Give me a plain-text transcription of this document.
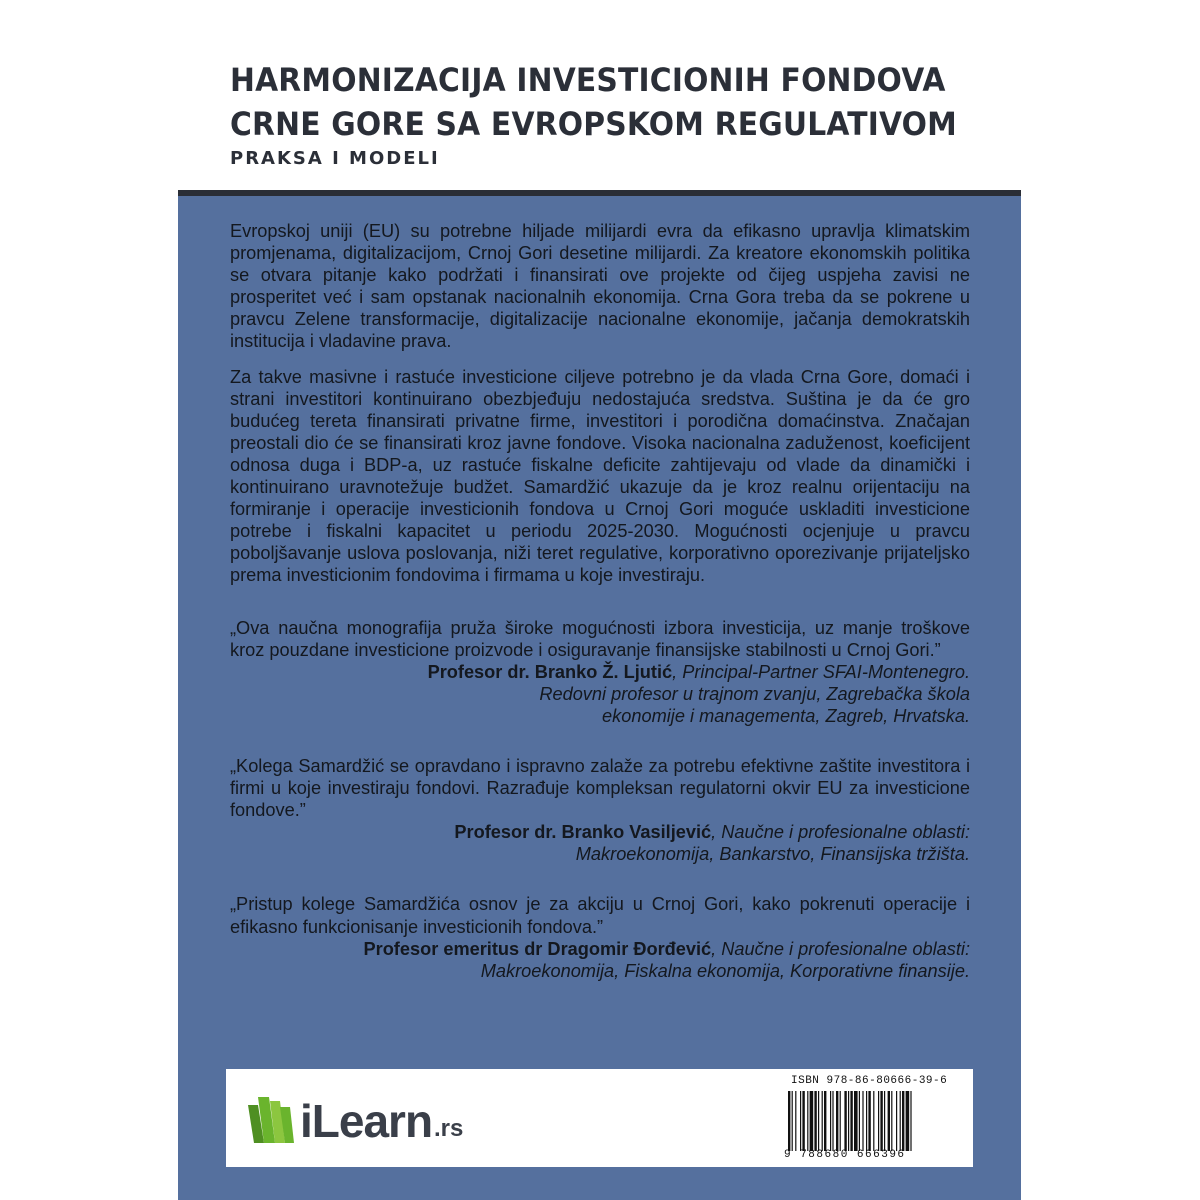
HARMONIZACIJA INVESTICIONIH FONDOVA
CRNE GORE SA EVROPSKOM REGULATIVOM
PRAKSA I MODELI

Evropskoj uniji (EU) su potrebne hiljade milijardi evra da efikasno upravlja klimatskim promjenama, digitalizacijom, Crnoj Gori desetine milijardi. Za kreatore ekonomskih politika se otvara pitanje kako podržati i finansirati ove projekte od čijeg uspjeha zavisi ne prosperitet već i sam opstanak nacionalnih ekonomija. Crna Gora treba da se pokrene u pravcu Zelene transformacije, digitalizacije nacionalne ekonomije, jačanja demokratskih institucija i vladavine prava.

Za takve masivne i rastuće investicione ciljeve potrebno je da vlada Crna Gore, domaći i strani investitori kontinuirano obezbjeđuju nedostajuća sredstva. Suština je da će gro budućeg tereta finansirati privatne firme, investitori i porodična domaćinstva. Značajan preostali dio će se finansirati kroz javne fondove. Visoka nacionalna zaduženost, koeficijent odnosa duga i BDP-a, uz rastuće fiskalne deficite zahtijevaju od vlade da dinamički i kontinuirano uravnotežuje budžet. Samardžić ukazuje da je kroz realnu orijentaciju na formiranje i operacije investicionih fondova u Crnoj Gori moguće uskladiti investicione potrebe i fiskalni kapacitet u periodu 2025-2030. Mogućnosti ocjenjuje u pravcu poboljšavanje uslova poslovanja, niži teret regulative, korporativno oporezivanje prijateljsko prema investicionim fondovima i firmama u koje investiraju.

„Ova naučna monografija pruža široke mogućnosti izbora investicija, uz manje troškove kroz pouzdane investicione proizvode i osiguravanje finansijske stabilnosti u Crnoj Gori.”

Profesor dr. Branko Ž. Ljutić, Principal-Partner SFAI-Montenegro.
Redovni profesor u trajnom zvanju, Zagrebačka škola
ekonomije i managementa, Zagreb, Hrvatska.

„Kolega Samardžić se opravdano i ispravno zalaže za potrebu efektivne zaštite investitora i firmi u koje investiraju fondovi. Razrađuje kompleksan regulatorni okvir EU za investicione fondove.”

Profesor dr. Branko Vasiljević, Naučne i profesionalne oblasti:
Makroekonomija, Bankarstvo, Finansijska tržišta.

„Pristup kolege Samardžića osnov je za akciju u Crnoj Gori, kako pokrenuti operacije i efikasno funkcionisanje investicionih fondova.”

Profesor emeritus dr Dragomir Đorđević, Naučne i profesionalne oblasti:
Makroekonomija, Fiskalna ekonomija, Korporativne finansije.
iLearn .rs
ISBN 978-86-80666-39-6
9 788680 666396
